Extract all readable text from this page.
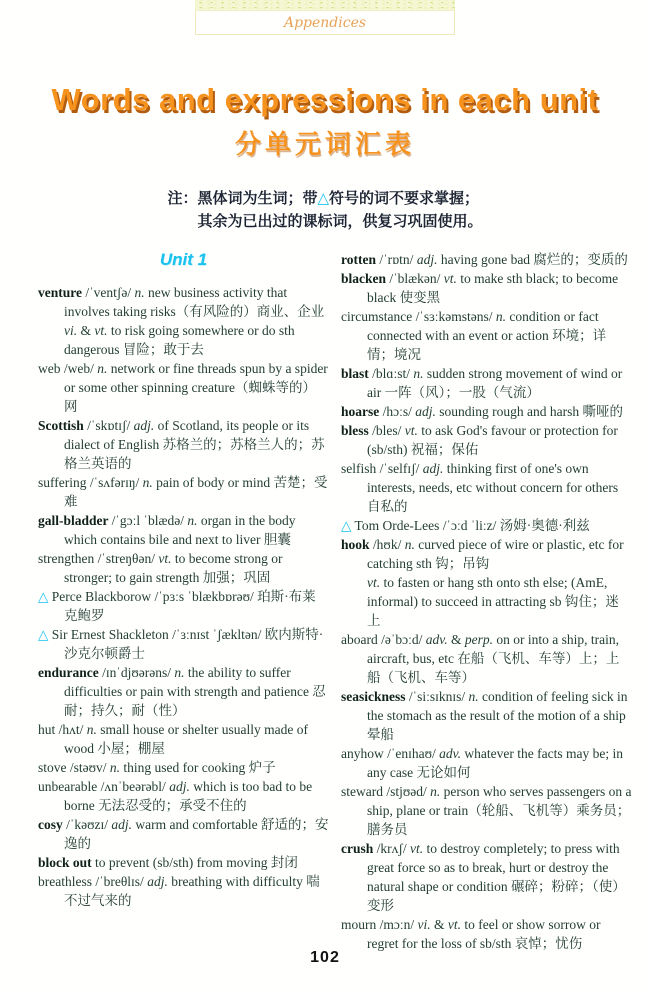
Appendices
Words and expressions in each unit
分单元词汇表
注：黑体词为生词；带△符号的词不要求掌握；
其余为已出过的课标词，供复习巩固使用。
Unit 1
venture /ˈventʃə/ n. new business activity that involves taking risks（有风险的）商业、企业
vi. & vt. to risk going somewhere or do sth dangerous 冒险；敢于去
web /web/ n. network or fine threads spun by a spider or some other spinning creature（蜘蛛等的）网
Scottish /ˈskɒtɪʃ/ adj. of Scotland, its people or its dialect of English 苏格兰的；苏格兰人的；苏格兰英语的
suffering /ˈsʌfərɪŋ/ n. pain of body or mind 苦楚；受难
gall-bladder /ˈgɔːl ˈblædə/ n. organ in the body which contains bile and next to liver 胆囊
strengthen /ˈstreŋθən/ vt. to become strong or stronger; to gain strength 加强；巩固
△ Perce Blackborow /ˈpɜːs ˈblækbɒrəʊ/ 珀斯·布莱克鲍罗
△ Sir Ernest Shackleton /ˈɜːnɪst ˈʃækltən/ 欧内斯特·沙克尔顿爵士
endurance /ɪnˈdjʊərəns/ n. the ability to suffer difficulties or pain with strength and patience 忍耐；持久；耐（性）
hut /hʌt/ n. small house or shelter usually made of wood 小屋；棚屋
stove /stəʊv/ n. thing used for cooking 炉子
unbearable /ʌnˈbeərəbl/ adj. which is too bad to be borne 无法忍受的；承受不住的
cosy /ˈkəʊzɪ/ adj. warm and comfortable 舒适的；安逸的
block out to prevent (sb/sth) from moving 封闭
breathless /ˈbreθlɪs/ adj. breathing with difficulty 喘不过气来的
rotten /ˈrɒtn/ adj. having gone bad 腐烂的；变质的
blacken /ˈblækən/ vt. to make sth black; to become black 使变黑
circumstance /ˈsɜːkəmstəns/ n. condition or fact connected with an event or action 环境；详情；境况
blast /blɑːst/ n. sudden strong movement of wind or air 一阵（风）；一股（气流）
hoarse /hɔːs/ adj. sounding rough and harsh 嘶哑的
bless /bles/ vt. to ask God's favour or protection for (sb/sth) 祝福；保佑
selfish /ˈselfɪʃ/ adj. thinking first of one's own interests, needs, etc without concern for others 自私的
△ Tom Orde-Lees /ˈɔːd ˈliːz/ 汤姆·奥德·利兹
hook /hʊk/ n. curved piece of wire or plastic, etc for catching sth 钩；吊钩
vt. to fasten or hang sth onto sth else; (AmE, informal) to succeed in attracting sb 钩住；迷上
aboard /əˈbɔːd/ adv. & perp. on or into a ship, train, aircraft, bus, etc 在船（飞机、车等）上；上船（飞机、车等）
seasickness /ˈsiːsɪknɪs/ n. condition of feeling sick in the stomach as the result of the motion of a ship 晕船
anyhow /ˈenɪhaʊ/ adv. whatever the facts may be; in any case 无论如何
steward /stjʊəd/ n. person who serves passengers on a ship, plane or train（轮船、飞机等）乘务员；膳务员
crush /krʌʃ/ vt. to destroy completely; to press with great force so as to break, hurt or destroy the natural shape or condition 碾碎；粉碎；（使）变形
mourn /mɔːn/ vi. & vt. to feel or show sorrow or regret for the loss of sb/sth 哀悼；忧伤
102
